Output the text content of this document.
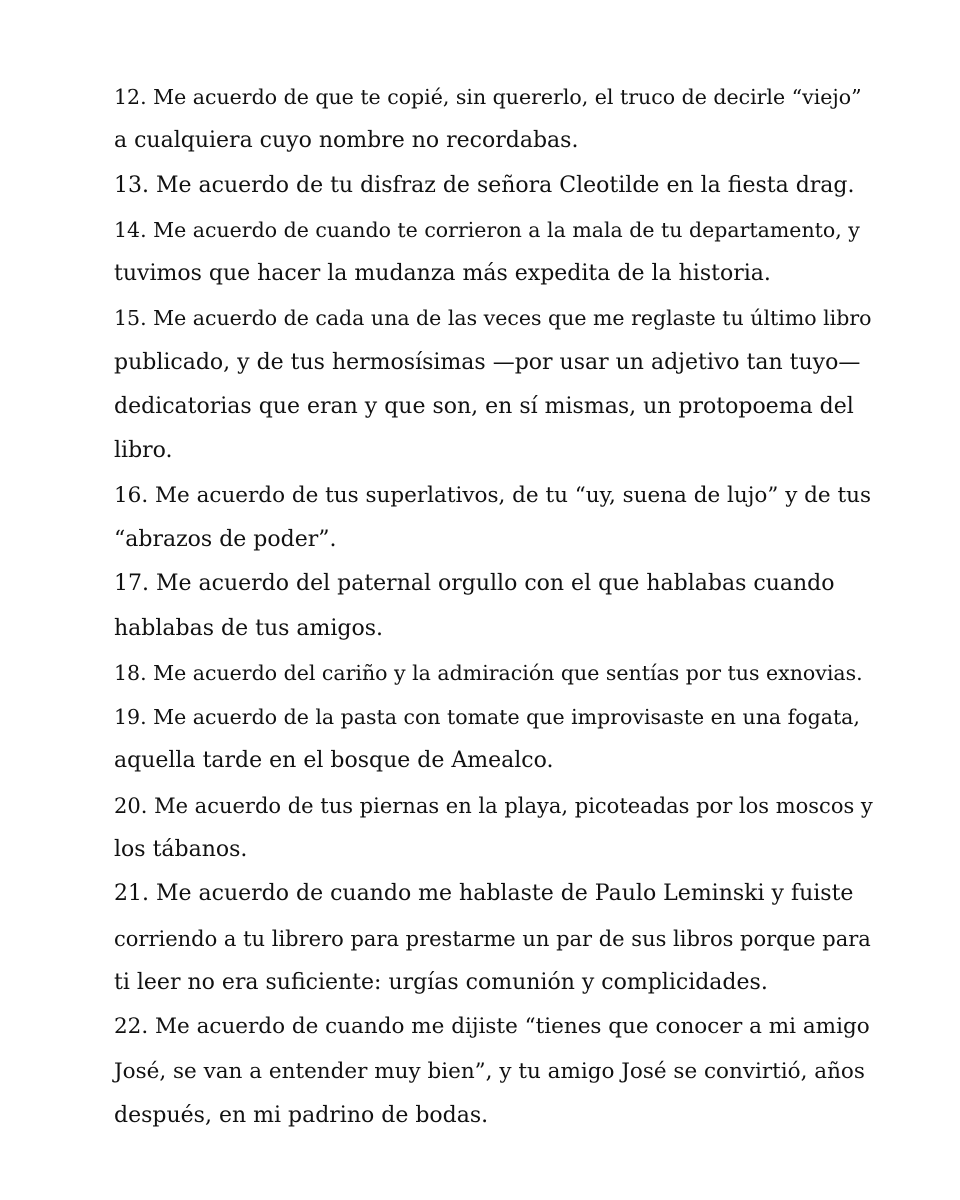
12. Me acuerdo de que te copié, sin quererlo, el truco de decirle “viejo”
a cualquiera cuyo nombre no recordabas.
13. Me acuerdo de tu disfraz de señora Cleotilde en la fiesta drag.
14. Me acuerdo de cuando te corrieron a la mala de tu departamento, y
tuvimos que hacer la mudanza más expedita de la historia.
15. Me acuerdo de cada una de las veces que me reglaste tu último libro
publicado, y de tus hermosísimas —por usar un adjetivo tan tuyo—
dedicatorias que eran y que son, en sí mismas, un protopoema del
libro.
16. Me acuerdo de tus superlativos, de tu “uy, suena de lujo” y de tus
“abrazos de poder”.
17. Me acuerdo del paternal orgullo con el que hablabas cuando
hablabas de tus amigos.
18. Me acuerdo del cariño y la admiración que sentías por tus exnovias.
19. Me acuerdo de la pasta con tomate que improvisaste en una fogata,
aquella tarde en el bosque de Amealco.
20. Me acuerdo de tus piernas en la playa, picoteadas por los moscos y
los tábanos.
21. Me acuerdo de cuando me hablaste de Paulo Leminski y fuiste
corriendo a tu librero para prestarme un par de sus libros porque para
ti leer no era suficiente: urgías comunión y complicidades.
22. Me acuerdo de cuando me dijiste “tienes que conocer a mi amigo
José, se van a entender muy bien”, y tu amigo José se convirtió, años
después, en mi padrino de bodas.
